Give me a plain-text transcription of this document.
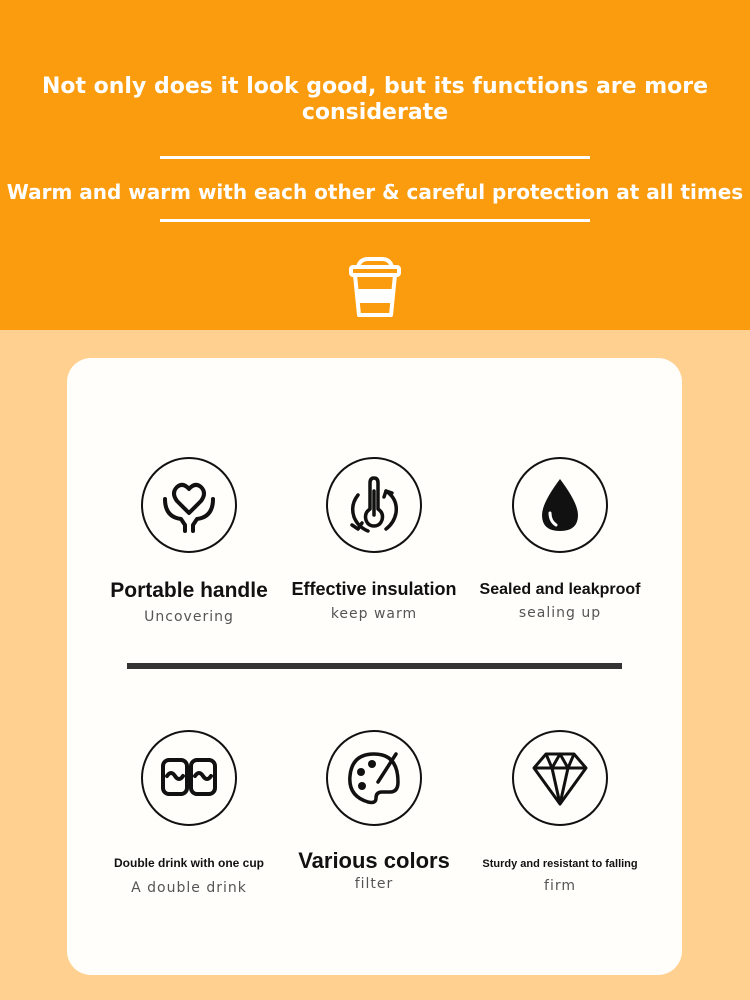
Not only does it look good, but its functions are more considerate
Warm and warm with each other & careful protection at all times
Portable handle
Uncovering
Effective insulation
keep warm
Sealed and leakproof
sealing up
Double drink with one cup
A double drink
Various colors
filter
Sturdy and resistant to falling
firm
